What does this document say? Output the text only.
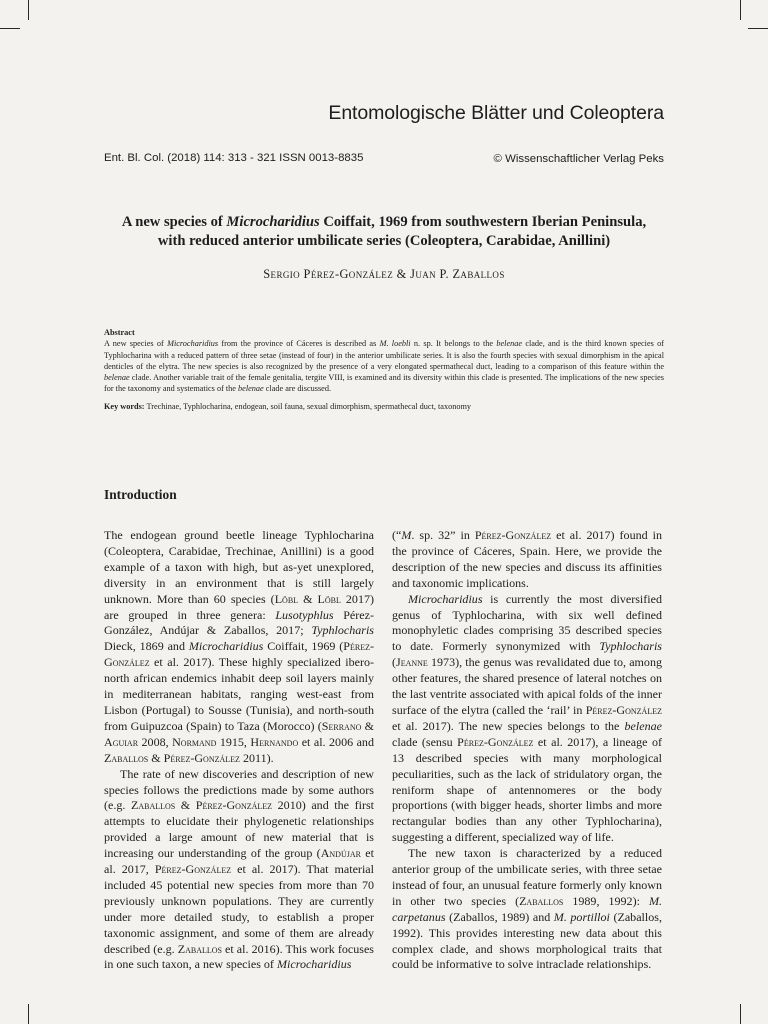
Entomologische Blätter und Coleoptera
Ent. Bl. Col. (2018) 114: 313 - 321 ISSN 0013-8835	© Wissenschaftlicher Verlag Peks
A new species of Microcharidius Coiffait, 1969 from southwestern Iberian Peninsula,
with reduced anterior umbilicate series (Coleoptera, Carabidae, Anillini)
Sergio Pérez-González & Juan P. Zaballos
Abstract

A new species of Microcharidius from the province of Cáceres is described as M. loebli n. sp. It belongs to the belenae clade, and is the third known species of Typhlocharina with a reduced pattern of three setae (instead of four) in the anterior umbilicate series. It is also the fourth species with sexual dimorphism in the apical denticles of the elytra. The new species is also recognized by the presence of a very elongated spermathecal duct, leading to a comparison of this feature within the belenae clade. Another variable trait of the female genitalia, tergite VIII, is examined and its diversity within this clade is presented. The implications of the new species for the taxonomy and systematics of the belenae clade are discussed.

Key words: Trechinae, Typhlocharina, endogean, soil fauna, sexual dimorphism, spermathecal duct, taxonomy

Introduction

The endogean ground beetle lineage Typhlocharina (Coleoptera, Carabidae, Trechinae, Anillini) is a good example of a taxon with high, but as-yet unexplored, diversity in an environment that is still largely unknown. More than 60 species (Löbl & Löbl 2017) are grouped in three genera: Lusotyphlus Pérez-González, Andújar & Zaballos, 2017; Typhlocharis Dieck, 1869 and Microcharidius Coiffait, 1969 (Pérez-González et al. 2017). These highly specialized ibero-north african endemics inhabit deep soil layers mainly in mediterranean habitats, ranging west-east from Lisbon (Portugal) to Sousse (Tunisia), and north-south from Guipuzcoa (Spain) to Taza (Morocco) (Serrano & Aguiar 2008, Normand 1915, Hernando et al. 2006 and Zaballos & Pérez-González 2011).

The rate of new discoveries and description of new species follows the predictions made by some authors (e.g. Zaballos & Pérez-González 2010) and the first attempts to elucidate their phylogenetic relationships provided a large amount of new material that is increasing our understanding of the group (Andújar et al. 2017, Pérez-González et al. 2017). That material included 45 potential new species from more than 70 previously unknown populations. They are currently under more detailed study, to establish a proper taxonomic assignment, and some of them are already described (e.g. Zaballos et al. 2016). This work focuses in one such taxon, a new species of Microcharidius

(“M. sp. 32” in Pérez-González et al. 2017) found in the province of Cáceres, Spain. Here, we provide the description of the new species and discuss its affinities and taxonomic implications.

Microcharidius is currently the most diversified genus of Typhlocharina, with six well defined monophyletic clades comprising 35 described species to date. Formerly synonymized with Typhlocharis (Jeanne 1973), the genus was revalidated due to, among other features, the shared presence of lateral notches on the last ventrite associated with apical folds of the inner surface of the elytra (called the ‘rail’ in Pérez-González et al. 2017). The new species belongs to the belenae clade (sensu Pérez-González et al. 2017), a lineage of 13 described species with many morphological peculiarities, such as the lack of stridulatory organ, the reniform shape of antennomeres or the body proportions (with bigger heads, shorter limbs and more rectangular bodies than any other Typhlocharina), suggesting a different, specialized way of life.

The new taxon is characterized by a reduced anterior group of the umbilicate series, with three setae instead of four, an unusual feature formerly only known in other two species (Zaballos 1989, 1992): M. carpetanus (Zaballos, 1989) and M. portilloi (Zaballos, 1992). This provides interesting new data about this complex clade, and shows morphological traits that could be informative to solve intraclade relationships.
